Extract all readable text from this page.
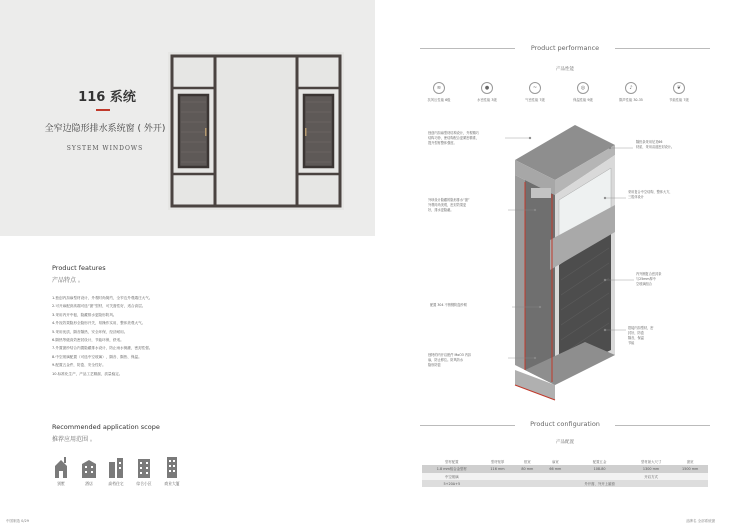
116 系统
全窄边隐形排水系统窗 ( 外开)
SYSTEM WINDOWS
Product features
产品特点 。
1.独创内扣扇型材设计，外观时尚简约，全窄边外观端庄大气。
2.可开扇配套高端可选“窗”型材，可关窗性好，适合高层。
3.采用内开中梃，隐藏排水更隐形防风。
4.外视效果隐形全隐形开关，易操作实用，整体美观大气。
5.采用优质，隔音隔热，安全环保，经济耐用。
6.隔热等级高效密封设计，节能环保，舒适。
7.外置窗纱结合内置隐藏排水设计，防止雨水倒灌，密封性强。
8.中空玻璃配置（可选中空玻璃），隔音、隔热、保温。
9.配置五金件，防盗、安全性好。
10.标准化生产，产品工艺精湛，质量稳定。
Recommended application scope
推荐应用范围 。
别墅	酒店	高档住宅	综合小区	商业大厦
中国制造 0/29
Product performance
产品性能
≋
抗风压性能 6级
●
水密性能 3级
~
气密性能 7级
◎
保温性能 9级
♪
隔声性能 30-35
❦
节能性能 7级
独创内扣扇型材结构设计，外观精巧
结构巧妙，使结构配合更紧密精准，
提升型材整体强度。	隔热条采用尼龙66
材质，采用双道密封设计。
采用复合中空结构，整体大方，
三腔体设计
外坝设计隐藏的隐形排水“窗”
外观时尚美观，密封效果更
好，排水更隐蔽。
内外圈复合密封条
与25mm厚中
空玻璃组合
配置 304 不锈钢防盗纱网
搭接内扣型材，密
封好，防盗
隔音，保温
节能
独特的内开启配件 MoO3 内扣
扇，防止移位。防风防水
隐形防盗
Product configuration
产品配置
型材配置	型材壁厚	框宽	扇宽	配置五金	型材最大尺寸	窗宽
1.8 mm铝合金型材	116 mm	80 mm	66 mm	108-80	1300 mm	1500 mm
中空玻璃					开启方式	
5+20A+5				外开窗、外开上悬窗		
品牌名 全部系统窗
